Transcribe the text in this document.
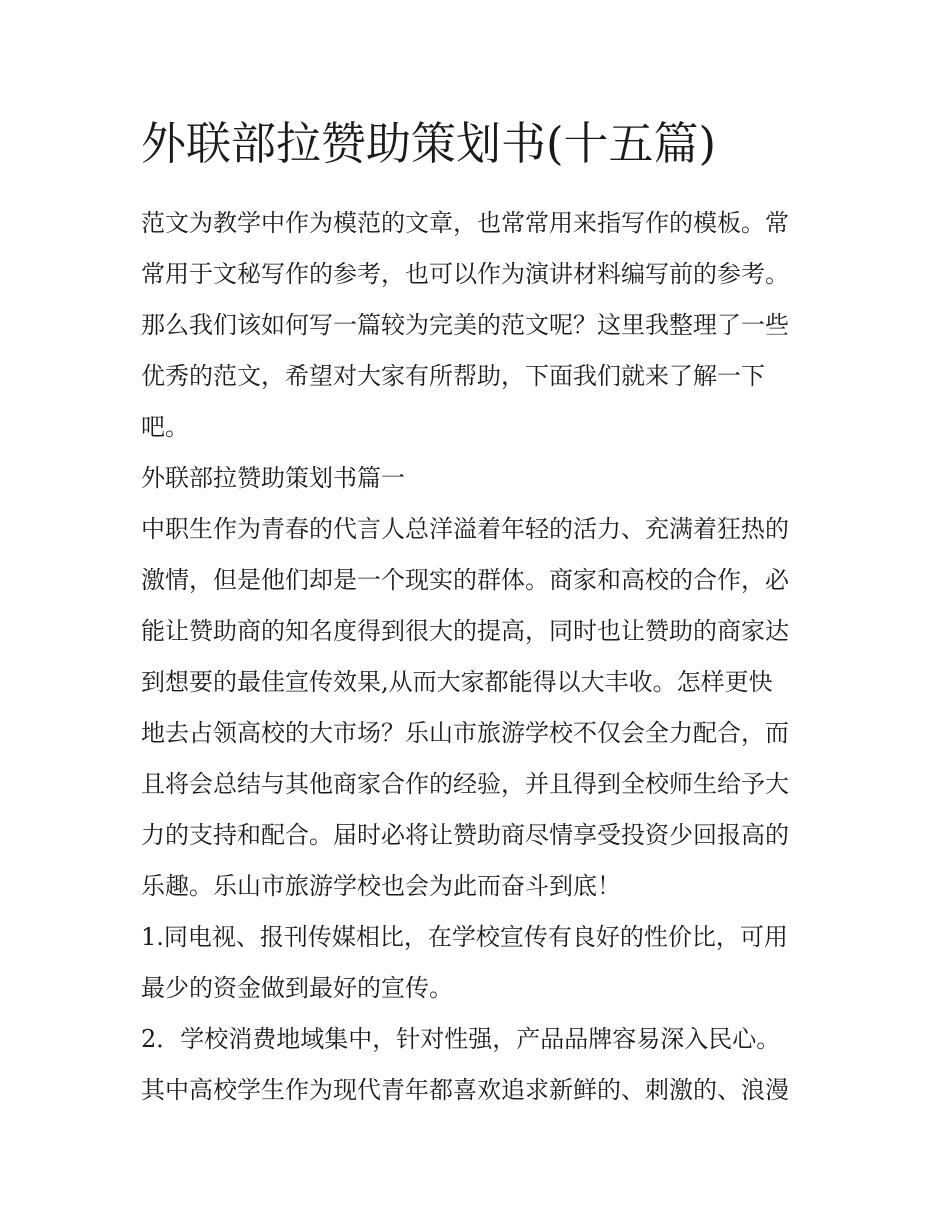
外联部拉赞助策划书(十五篇)
范文为教学中作为模范的文章，也常常用来指写作的模板。常
常用于文秘写作的参考，也可以作为演讲材料编写前的参考。
那么我们该如何写一篇较为完美的范文呢？这里我整理了一些
优秀的范文，希望对大家有所帮助，下面我们就来了解一下
吧。
外联部拉赞助策划书篇一
中职生作为青春的代言人总洋溢着年轻的活力、充满着狂热的
激情，但是他们却是一个现实的群体。商家和高校的合作，必
能让赞助商的知名度得到很大的提高，同时也让赞助的商家达
到想要的最佳宣传效果,从而大家都能得以大丰收。怎样更快
地去占领高校的大市场？乐山市旅游学校不仅会全力配合，而
且将会总结与其他商家合作的经验，并且得到全校师生给予大
力的支持和配合。届时必将让赞助商尽情享受投资少回报高的
乐趣。乐山市旅游学校也会为此而奋斗到底！
1.同电视、报刊传媒相比，在学校宣传有良好的性价比，可用
最少的资金做到最好的宣传。
2．学校消费地域集中，针对性强，产品品牌容易深入民心。
其中高校学生作为现代青年都喜欢追求新鲜的、刺激的、浪漫
